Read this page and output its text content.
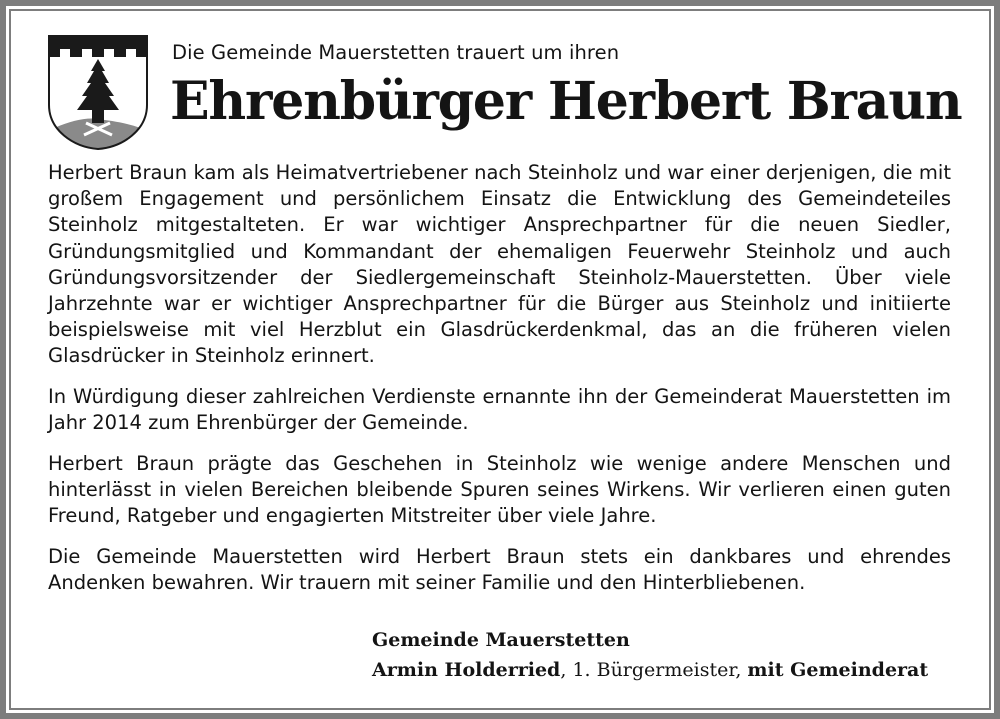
Die Gemeinde Mauerstetten trauert um ihren
Ehrenbürger Herbert Braun

Herbert Braun kam als Heimatvertriebener nach Steinholz und war einer derjenigen, die mit großem Engagement und persönlichem Einsatz die Entwicklung des Gemeindeteiles Steinholz mitgestalteten. Er war wichtiger Ansprechpartner für die neuen Siedler, Gründungsmitglied und Kommandant der ehemaligen Feuerwehr Steinholz und auch Gründungsvorsitzender der Siedlergemeinschaft Steinholz-Mauerstetten. Über viele Jahrzehnte war er wichtiger Ansprechpartner für die Bürger aus Steinholz und initiierte beispielsweise mit viel Herzblut ein Glasdrückerdenkmal, das an die früheren vielen Glasdrücker in Steinholz erinnert.

In Würdigung dieser zahlreichen Verdienste ernannte ihn der Gemeinderat Mauerstetten im Jahr 2014 zum Ehrenbürger der Gemeinde.

Herbert Braun prägte das Geschehen in Steinholz wie wenige andere Menschen und hinterlässt in vielen Bereichen bleibende Spuren seines Wirkens. Wir verlieren einen guten Freund, Ratgeber und engagierten Mitstreiter über viele Jahre.

Die Gemeinde Mauerstetten wird Herbert Braun stets ein dankbares und ehrendes Andenken bewahren. Wir trauern mit seiner Familie und den Hinterbliebenen.

Gemeinde Mauerstetten
Armin Holderried, 1. Bürgermeister, mit Gemeinderat
